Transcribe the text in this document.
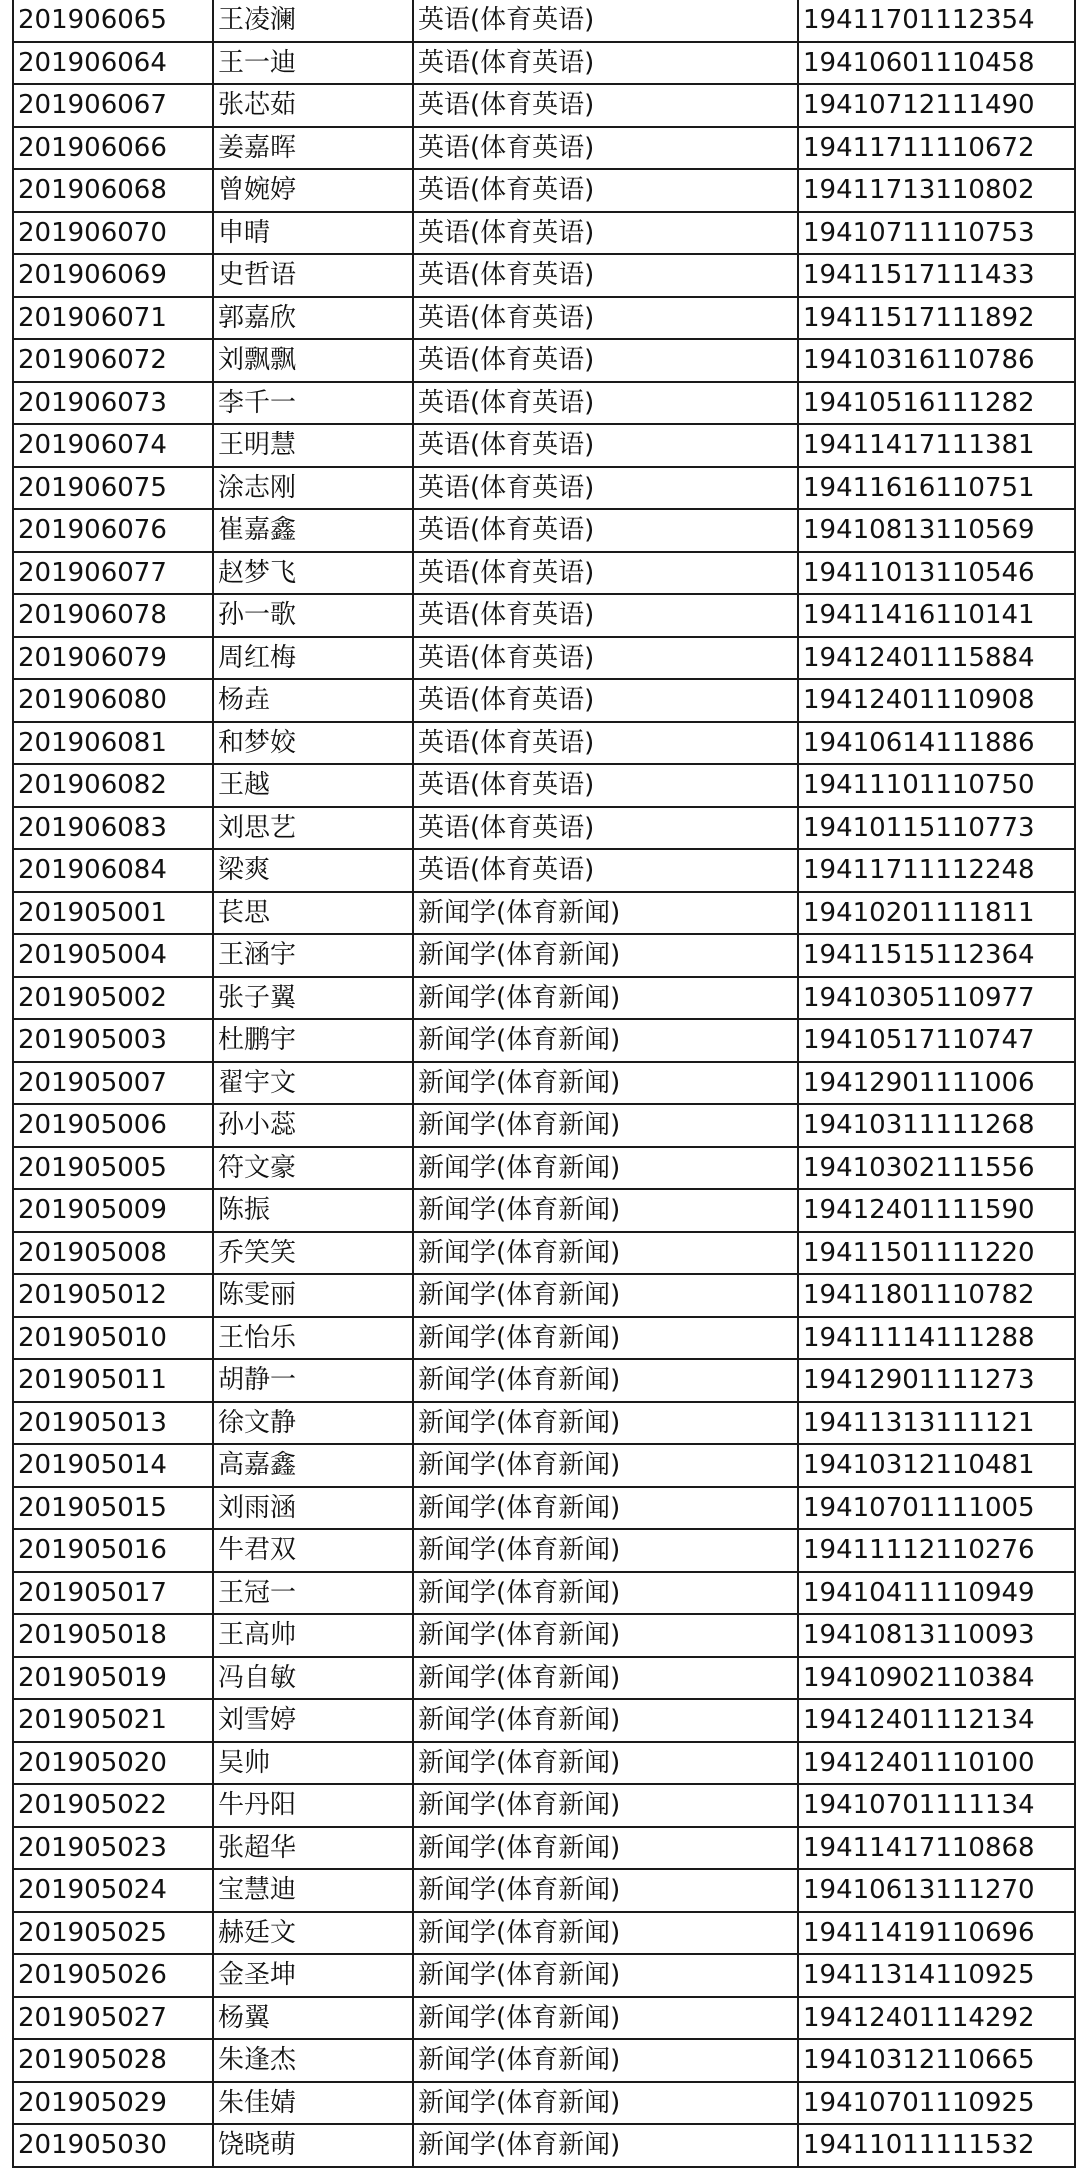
201906065	王凌澜	英语(体育英语)	19411701112354
201906064	王一迪	英语(体育英语)	19410601110458
201906067	张芯茹	英语(体育英语)	19410712111490
201906066	姜嘉晖	英语(体育英语)	19411711110672
201906068	曾婉婷	英语(体育英语)	19411713110802
201906070	申晴	英语(体育英语)	19410711110753
201906069	史哲语	英语(体育英语)	19411517111433
201906071	郭嘉欣	英语(体育英语)	19411517111892
201906072	刘飘飘	英语(体育英语)	19410316110786
201906073	李千一	英语(体育英语)	19410516111282
201906074	王明慧	英语(体育英语)	19411417111381
201906075	涂志刚	英语(体育英语)	19411616110751
201906076	崔嘉鑫	英语(体育英语)	19410813110569
201906077	赵梦飞	英语(体育英语)	19411013110546
201906078	孙一歌	英语(体育英语)	19411416110141
201906079	周红梅	英语(体育英语)	19412401115884
201906080	杨垚	英语(体育英语)	19412401110908
201906081	和梦姣	英语(体育英语)	19410614111886
201906082	王越	英语(体育英语)	19411101110750
201906083	刘思艺	英语(体育英语)	19410115110773
201906084	梁爽	英语(体育英语)	19411711112248
201905001	苌思	新闻学(体育新闻)	19410201111811
201905004	王涵宇	新闻学(体育新闻)	19411515112364
201905002	张子翼	新闻学(体育新闻)	19410305110977
201905003	杜鹏宇	新闻学(体育新闻)	19410517110747
201905007	翟宇文	新闻学(体育新闻)	19412901111006
201905006	孙小蕊	新闻学(体育新闻)	19410311111268
201905005	符文豪	新闻学(体育新闻)	19410302111556
201905009	陈振	新闻学(体育新闻)	19412401111590
201905008	乔笑笑	新闻学(体育新闻)	19411501111220
201905012	陈雯丽	新闻学(体育新闻)	19411801110782
201905010	王怡乐	新闻学(体育新闻)	19411114111288
201905011	胡静一	新闻学(体育新闻)	19412901111273
201905013	徐文静	新闻学(体育新闻)	19411313111121
201905014	高嘉鑫	新闻学(体育新闻)	19410312110481
201905015	刘雨涵	新闻学(体育新闻)	19410701111005
201905016	牛君双	新闻学(体育新闻)	19411112110276
201905017	王冠一	新闻学(体育新闻)	19410411110949
201905018	王高帅	新闻学(体育新闻)	19410813110093
201905019	冯自敏	新闻学(体育新闻)	19410902110384
201905021	刘雪婷	新闻学(体育新闻)	19412401112134
201905020	吴帅	新闻学(体育新闻)	19412401110100
201905022	牛丹阳	新闻学(体育新闻)	19410701111134
201905023	张超华	新闻学(体育新闻)	19411417110868
201905024	宝慧迪	新闻学(体育新闻)	19410613111270
201905025	赫廷文	新闻学(体育新闻)	19411419110696
201905026	金圣坤	新闻学(体育新闻)	19411314110925
201905027	杨翼	新闻学(体育新闻)	19412401114292
201905028	朱逢杰	新闻学(体育新闻)	19410312110665
201905029	朱佳婧	新闻学(体育新闻)	19410701110925
201905030	饶晓萌	新闻学(体育新闻)	19411011111532
